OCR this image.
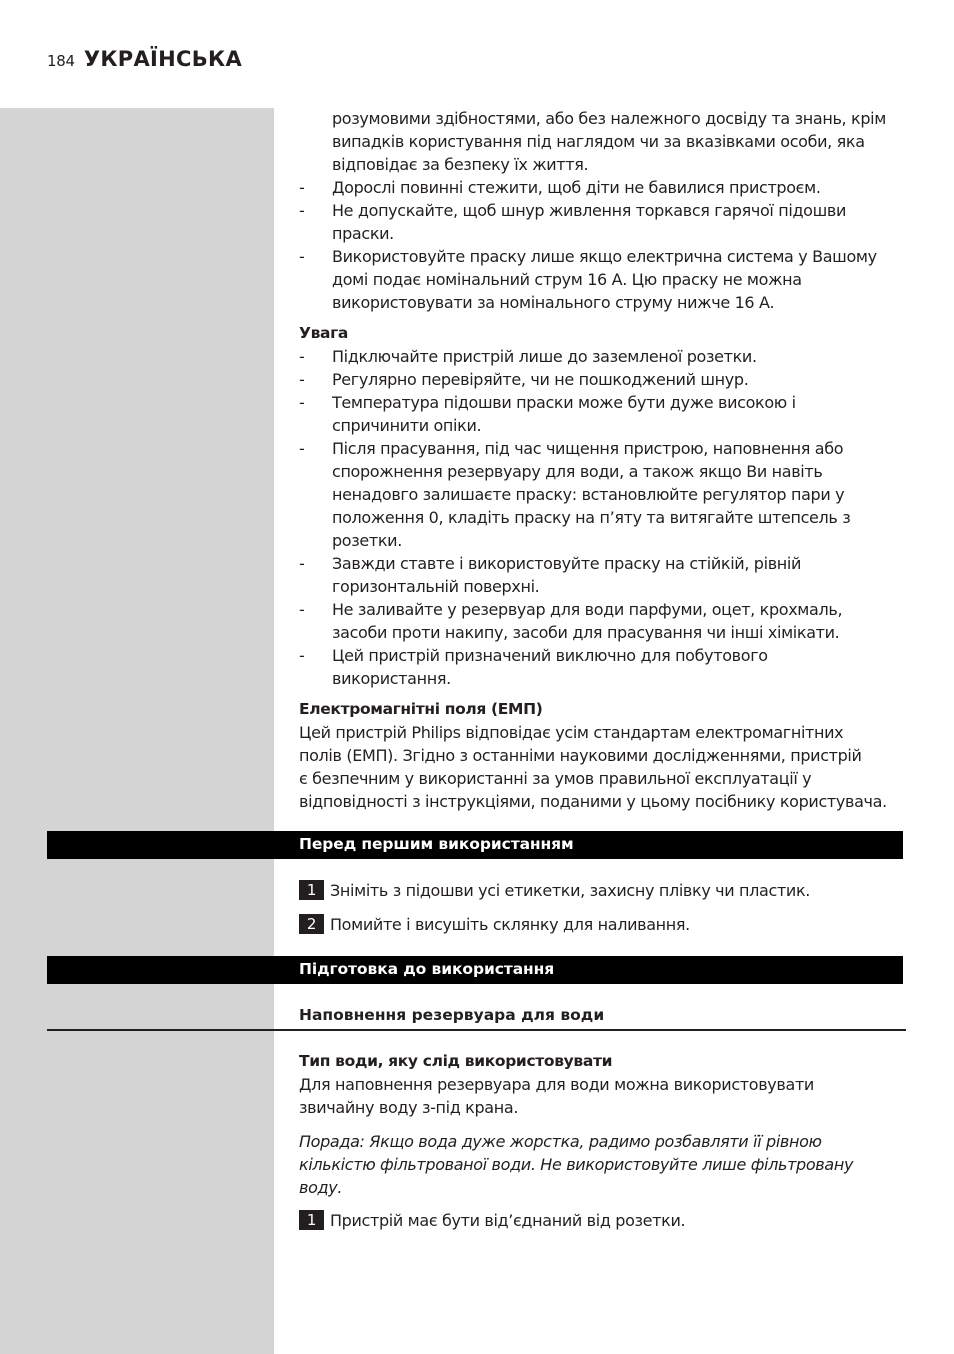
184 УКРАЇНСЬКА

розумовими здібностями, або без належного досвіду та знань, крім

випадків користування під наглядом чи за вказівками особи, яка

відповідає за безпеку їх життя.

- Дорослі повинні стежити, щоб діти не бавилися пристроєм.

- Не допускайте, щоб шнур живлення торкався гарячої підошви

праски.

- Використовуйте праску лише якщо електрична система у Вашому

домі подає номінальний струм 16 А. Цю праску не можна

використовувати за номінального струму нижче 16 А.

Увага

- Підключайте пристрій лише до заземленої розетки.

- Регулярно перевіряйте, чи не пошкоджений шнур.

- Температура підошви праски може бути дуже високою і

спричинити опіки.

- Після прасування, під час чищення пристрою, наповнення або

спорожнення резервуару для води, а також якщо Ви навіть

ненадовго залишаєте праску: встановлюйте регулятор пари у

положення 0, кладіть праску на п’яту та витягайте штепсель з

розетки.

- Завжди ставте і використовуйте праску на стійкій, рівній

горизонтальній поверхні.

- Не заливайте у резервуар для води парфуми, оцет, крохмаль,

засоби проти накипу, засоби для прасування чи інші хімікати.

- Цей пристрій призначений виключно для побутового

використання.

Електромагнітні поля (ЕМП)

Цей пристрій Philips відповідає усім стандартам електромагнітних

полів (ЕМП). Згідно з останніми науковими дослідженнями, пристрій

є безпечним у використанні за умов правильної експлуатації у

відповідності з інструкціями, поданими у цьому посібнику користувача.

Перед першим використанням
1 Зніміть з підошви усі етикетки, захисну плівку чи пластик.
2 Помийте і висушіть склянку для наливання.
Підготовка до використання
Наповнення резервуара для води

Тип води, яку слід використовувати

Для наповнення резервуара для води можна використовувати

звичайну воду з-під крана.

Порада: Якщо вода дуже жорстка, радимо розбавляти її рівною

кількістю фільтрованої води. Не використовуйте лише фільтровану

воду.

1 Пристрій має бути від’єднаний від розетки.
